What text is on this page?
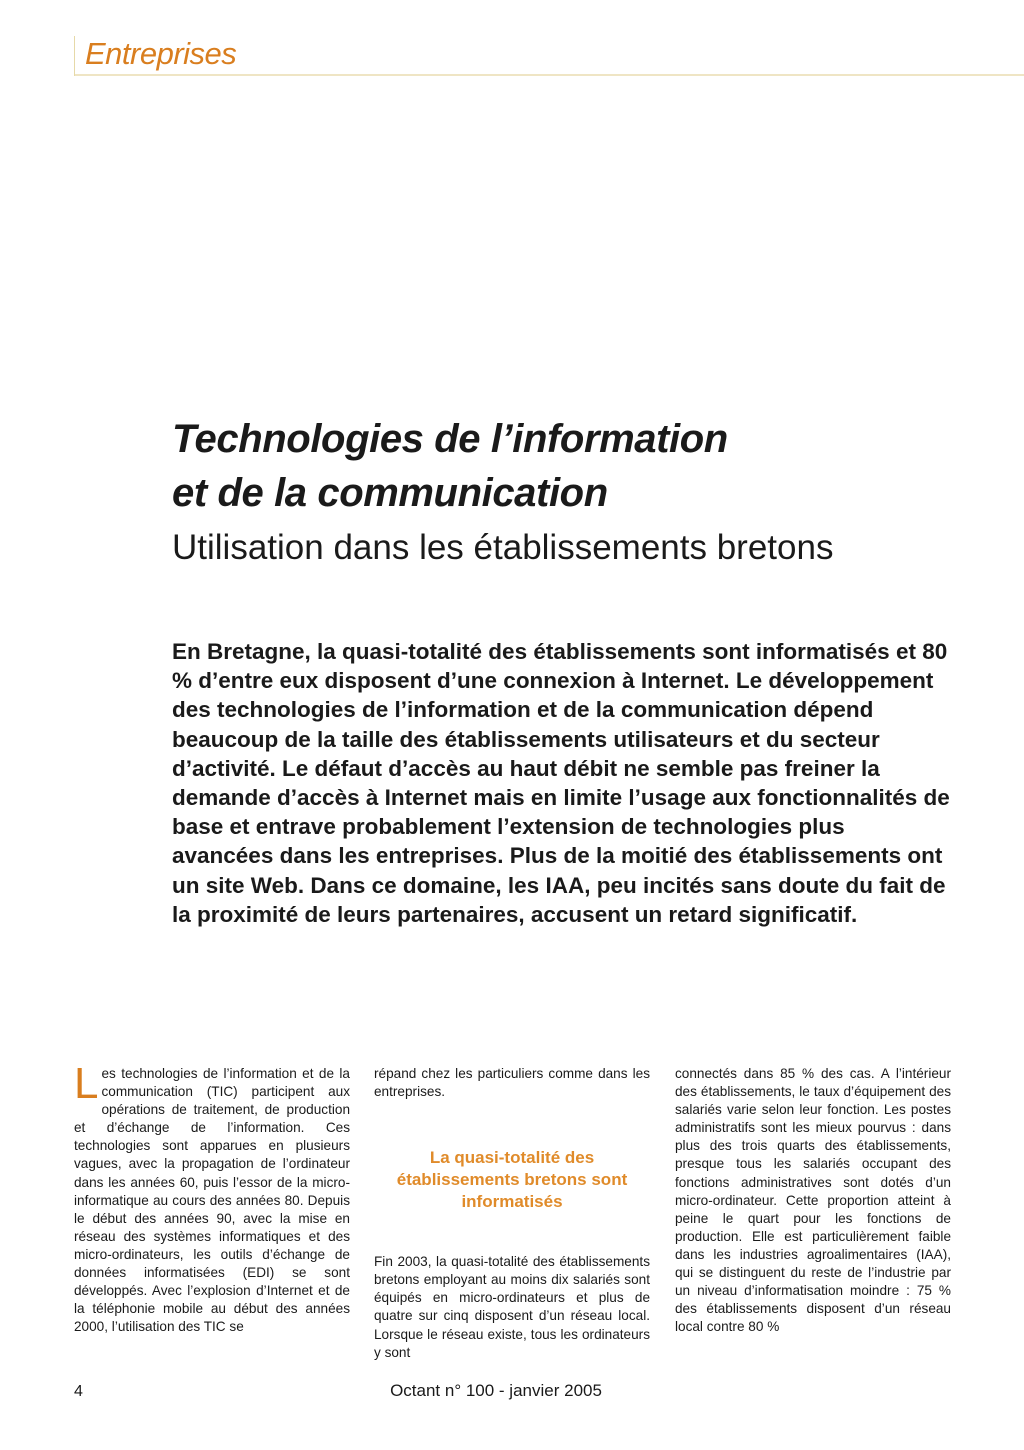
Entreprises
Technologies de l’information
et de la communication
Utilisation dans les établissements bretons

En Bretagne, la quasi-totalité des établissements sont informatisés et 80 % d’entre eux disposent d’une connexion à Internet. Le développement des technologies de l’information et de la communication dépend beaucoup de la taille des établissements utilisateurs et du secteur d’activité. Le défaut d’accès au haut débit ne semble pas freiner la demande d’accès à Internet mais en limite l’usage aux fonctionnalités de base et entrave probablement l’extension de technologies plus avancées dans les entreprises. Plus de la moitié des établissements ont un site Web. Dans ce domaine, les IAA, peu incités sans doute du fait de la proximité de leurs partenaires, accusent un retard significatif.

Les technologies de l’information et de la communication (TIC) participent aux opérations de traitement, de production et d’échange de l’information. Ces technologies sont apparues en plusieurs vagues, avec la propagation de l’ordinateur dans les années 60, puis l’essor de la micro-informatique au cours des années 80. Depuis le début des années 90, avec la mise en réseau des systèmes informatiques et des micro-ordinateurs, les outils d’échange de données informatisées (EDI) se sont développés. Avec l’explosion d’Internet et de la téléphonie mobile au début des années 2000, l’utilisation des TIC se

répand chez les particuliers comme dans les entreprises.

La quasi-totalité des établissements bretons sont informatisés

Fin 2003, la quasi-totalité des établissements bretons employant au moins dix salariés sont équipés en micro-ordinateurs et plus de quatre sur cinq disposent d’un réseau local. Lorsque le réseau existe, tous les ordinateurs y sont

connectés dans 85 % des cas. A l’intérieur des établissements, le taux d’équipement des salariés varie selon leur fonction. Les postes administratifs sont les mieux pourvus : dans plus des trois quarts des établissements, presque tous les salariés occupant des fonctions administratives sont dotés d’un micro-ordinateur. Cette proportion atteint à peine le quart pour les fonctions de production. Elle est particulièrement faible dans les industries agroalimentaires (IAA), qui se distinguent du reste de l’industrie par un niveau d’informatisation moindre : 75 % des établissements disposent d’un réseau local contre 80 %

4	Octant n° 100 - janvier 2005
